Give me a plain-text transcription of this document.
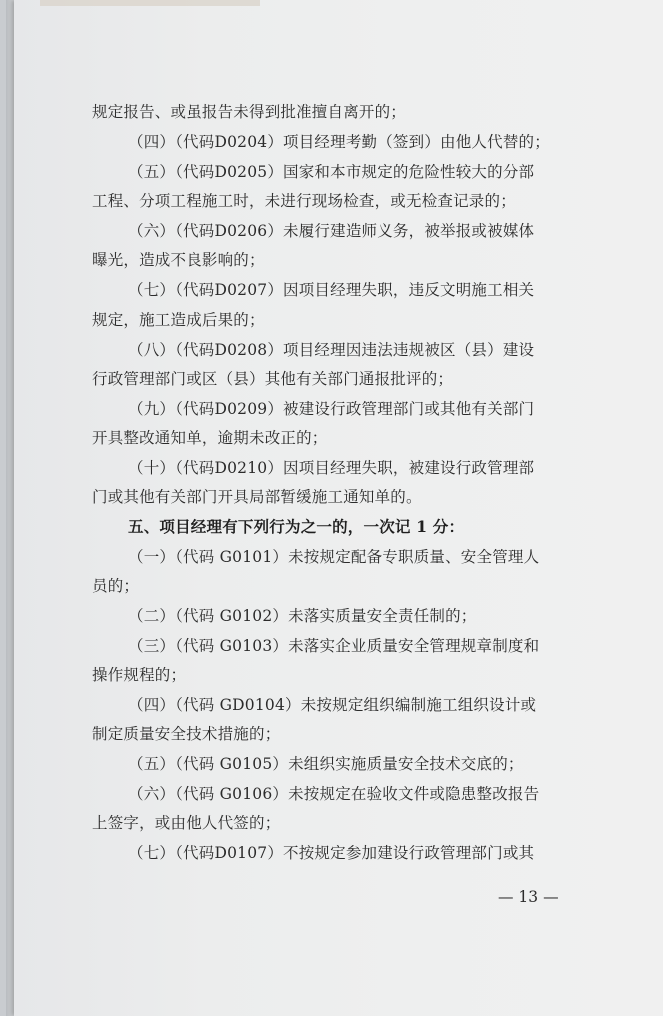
规定报告、或虽报告未得到批准擅自离开的；
（四）（代码D0204）项目经理考勤（签到）由他人代替的；
（五）（代码D0205）国家和本市规定的危险性较大的分部
工程、分项工程施工时，未进行现场检查，或无检查记录的；
（六）（代码D0206）未履行建造师义务，被举报或被媒体
曝光，造成不良影响的；
（七）（代码D0207）因项目经理失职，违反文明施工相关
规定，施工造成后果的；
（八）（代码D0208）项目经理因违法违规被区（县）建设
行政管理部门或区（县）其他有关部门通报批评的；
（九）（代码D0209）被建设行政管理部门或其他有关部门
开具整改通知单，逾期未改正的；
（十）（代码D0210）因项目经理失职，被建设行政管理部
门或其他有关部门开具局部暂缓施工通知单的。
五、项目经理有下列行为之一的，一次记 1 分：
（一）（代码 G0101）未按规定配备专职质量、安全管理人
员的；
（二）（代码 G0102）未落实质量安全责任制的；
（三）（代码 G0103）未落实企业质量安全管理规章制度和
操作规程的；
（四）（代码 GD0104）未按规定组织编制施工组织设计或
制定质量安全技术措施的；
（五）（代码 G0105）未组织实施质量安全技术交底的；
（六）（代码 G0106）未按规定在验收文件或隐患整改报告
上签字，或由他人代签的；
（七）（代码D0107）不按规定参加建设行政管理部门或其
— 13 —
